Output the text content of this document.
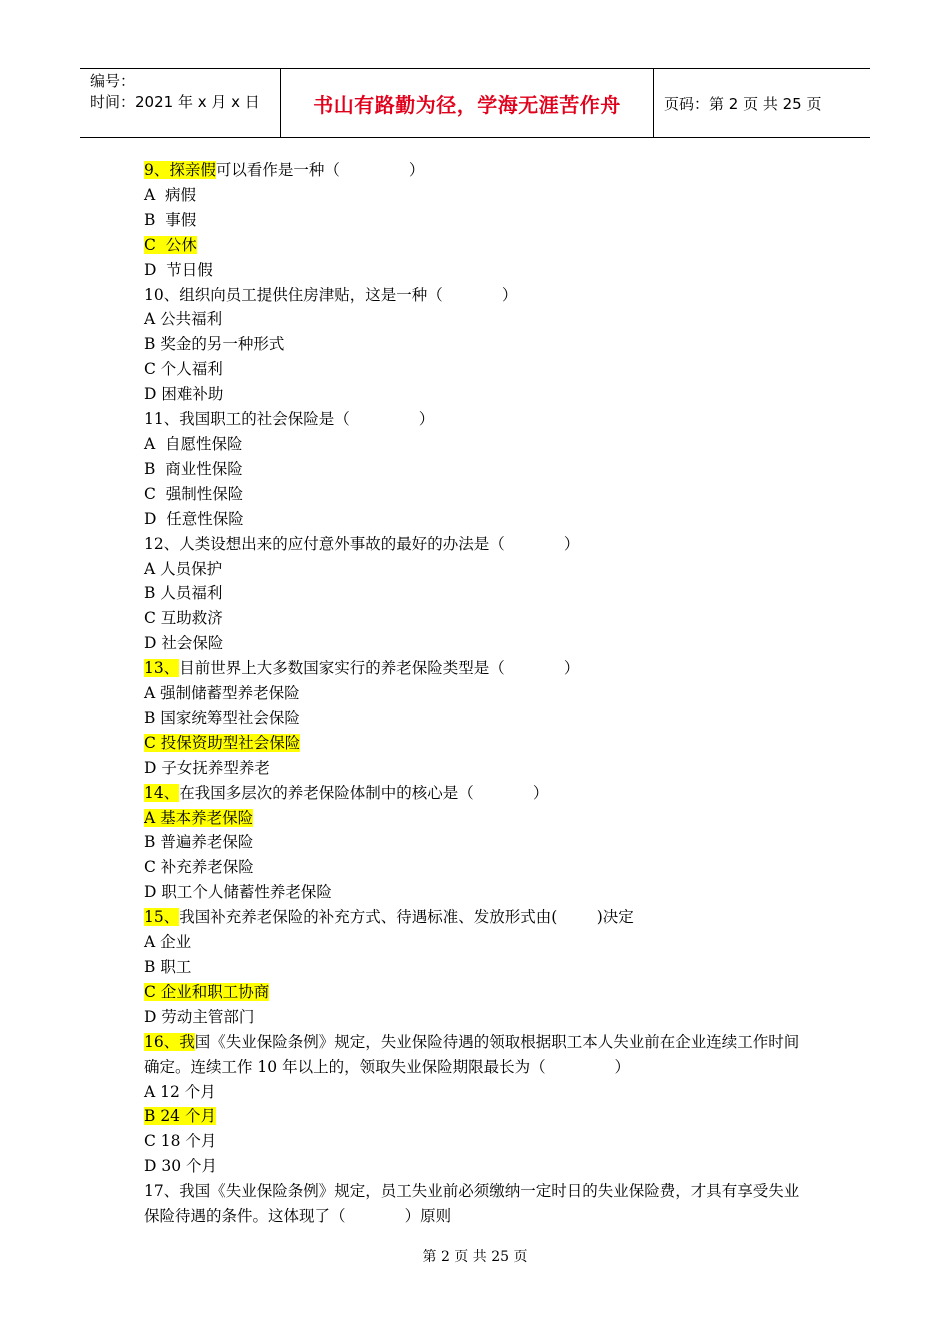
编号：
时间：2021 年 x 月 x 日	书山有路勤为径，学海无涯苦作舟	页码：第 2 页 共 25 页
9、探亲假可以看作是一种（              ）
A  病假
B  事假
C  公休
D  节日假
10、组织向员工提供住房津贴，这是一种（            ）
A 公共福利
B 奖金的另一种形式
C 个人福利
D 困难补助
11、我国职工的社会保险是（              ）
A  自愿性保险
B  商业性保险
C  强制性保险
D  任意性保险
12、人类设想出来的应付意外事故的最好的办法是（            ）
A 人员保护
B 人员福利
C 互助救济
D 社会保险
13、目前世界上大多数国家实行的养老保险类型是（            ）
A 强制储蓄型养老保险
B 国家统筹型社会保险
C 投保资助型社会保险
D 子女抚养型养老
14、在我国多层次的养老保险体制中的核心是（            ）
A 基本养老保险
B 普遍养老保险
C 补充养老保险
D 职工个人储蓄性养老保险
15、我国补充养老保险的补充方式、待遇标准、发放形式由(        )决定
A 企业
B 职工
C 企业和职工协商
D 劳动主管部门
16、我国《失业保险条例》规定，失业保险待遇的领取根据职工本人失业前在企业连续工作时间确定。连续工作 10 年以上的，领取失业保险期限最长为（              ）
A 12 个月
B 24 个月
C 18 个月
D 30 个月
17、我国《失业保险条例》规定，员工失业前必须缴纳一定时日的失业保险费，才具有享受失业保险待遇的条件。这体现了（            ）原则
第 2 页 共 25 页
